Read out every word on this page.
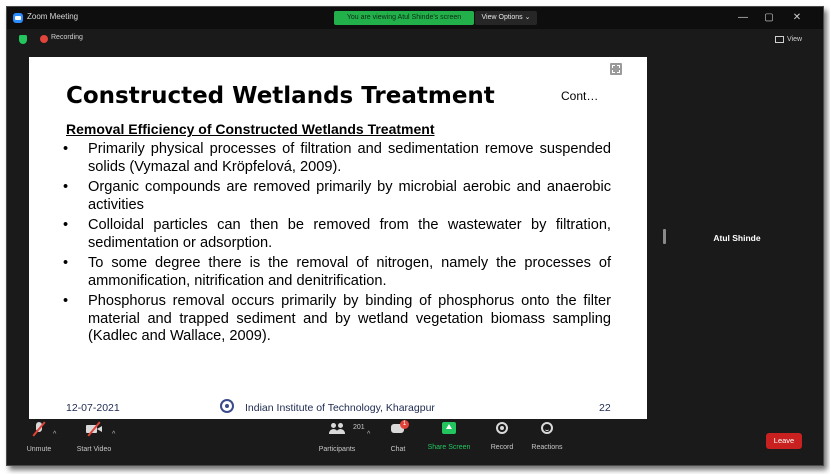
Zoom Meeting	You are viewing Atul Shinde's screen	View Options ⌄	—	▢	✕
Recording	View
Constructed Wetlands Treatment	Cont…
Removal Efficiency of Constructed Wetlands Treatment
• Primarily physical processes of filtration and sedimentation remove suspended solids (Vymazal and Kröpfelová, 2009).
• Organic compounds are removed primarily by microbial aerobic and anaerobic activities
• Colloidal particles can then be removed from the wastewater by filtration, sedimentation or adsorption.
• To some degree there is the removal of nitrogen, namely the processes of ammonification, nitrification and denitrification.
• Phosphorus removal occurs primarily by binding of phosphorus onto the filter material and trapped sediment and by wetland vegetation biomass sampling (Kadlec and Wallace, 2009).
12-07-2021	Indian Institute of Technology, Kharagpur	22
Atul Shinde
Unmute
^
Start Video
^
Participants
201
^
1
Chat	Share Screen	Record	Reactions
Leave
